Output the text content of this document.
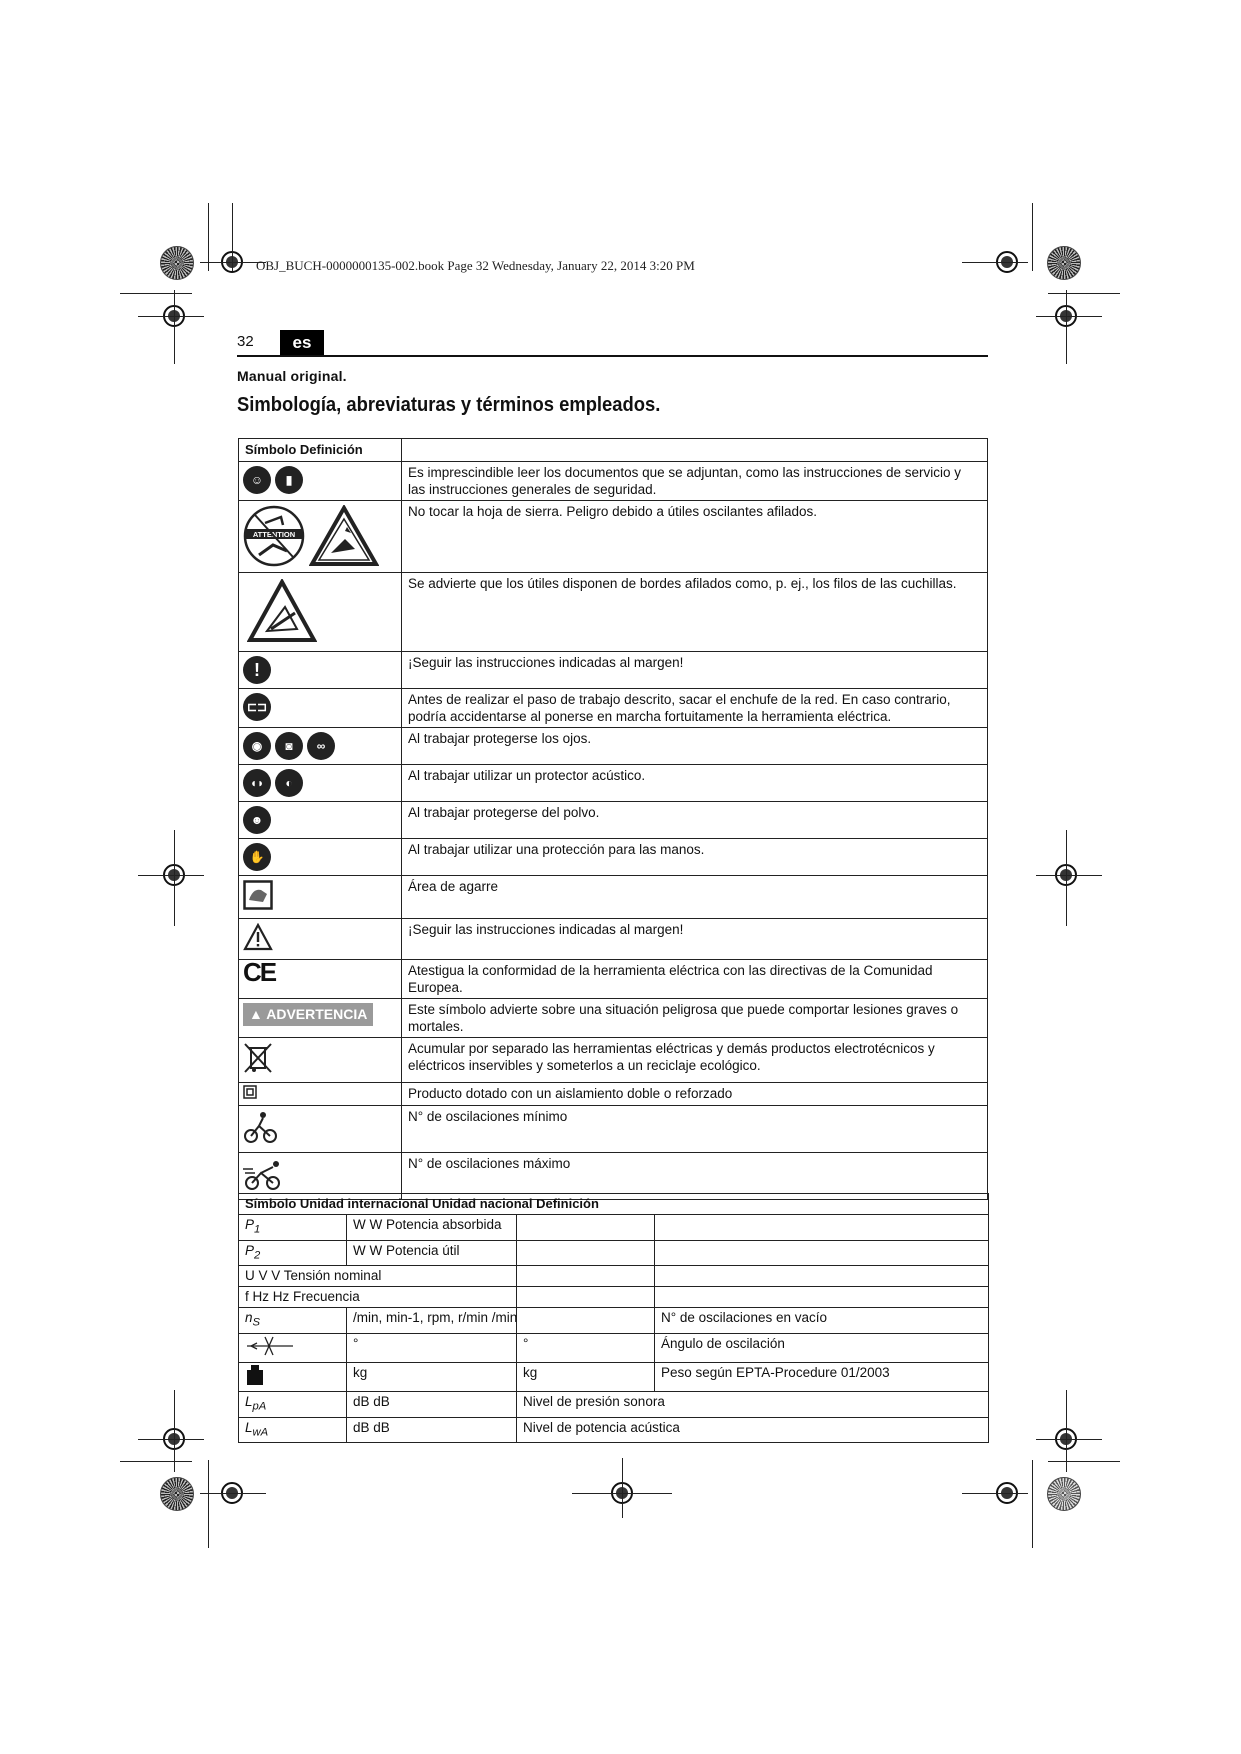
OBJ_BUCH-0000000135-002.book Page 32 Wednesday, January 22, 2014 3:20 PM
32	es
Manual original.
Simbología, abreviaturas y términos empleados.
Símbolo Definición	

☺ ▮	Es imprescindible leer los documentos que se adjuntan, como las instrucciones de servicio y las instrucciones generales de seguridad.

ATTENTION	No tocar la hoja de sierra. Peligro debido a útiles oscilantes afilados.
	Se advierte que los útiles disponen de bordes afilados como, p. ej., los filos de las cuchillas.
!	¡Seguir las instrucciones indicadas al margen!

⊏⊐	Antes de realizar el paso de trabajo descrito, sacar el enchufe de la red. En caso contrario, podría accidentarse al ponerse en marcha fortuitamente la herramienta eléctrica.

◉ ◙ ∞	Al trabajar protegerse los ojos.

◖◗ ◐	Al trabajar utilizar un protector acústico.

☻	Al trabajar protegerse del polvo.

✋	Al trabajar utilizar una protección para las manos.
	Área de agarre
	¡Seguir las instrucciones indicadas al margen!
CE	Atestigua la conformidad de la herramienta eléctrica con las directivas de la Comunidad Europea.
▲ ADVERTENCIA	Este símbolo advierte sobre una situación peligrosa que puede comportar lesiones graves o mortales.
	Acumular por separado las herramientas eléctricas y demás productos electrotécnicos y eléctricos inservibles y someterlos a un reciclaje ecológico.
	Producto dotado con un aislamiento doble o reforzado
	N° de oscilaciones mínimo
	N° de oscilaciones máximo
Símbolo Unidad internacional Unidad nacional Definición			
$P_1$	W W Potencia absorbida		
$P_2$	W W Potencia útil		
U V V Tensión nominal			
f Hz Hz Frecuencia			
$n_S$	/min, min-1, rpm, r/min /min		N° de oscilaciones en vacío
	°	°	Ángulo de oscilación
	kg	kg	Peso según EPTA-Procedure 01/2003
$L_{pA}$	dB dB	Nivel de presión sonora	
$L_{wA}$	dB dB	Nivel de potencia acústica	
